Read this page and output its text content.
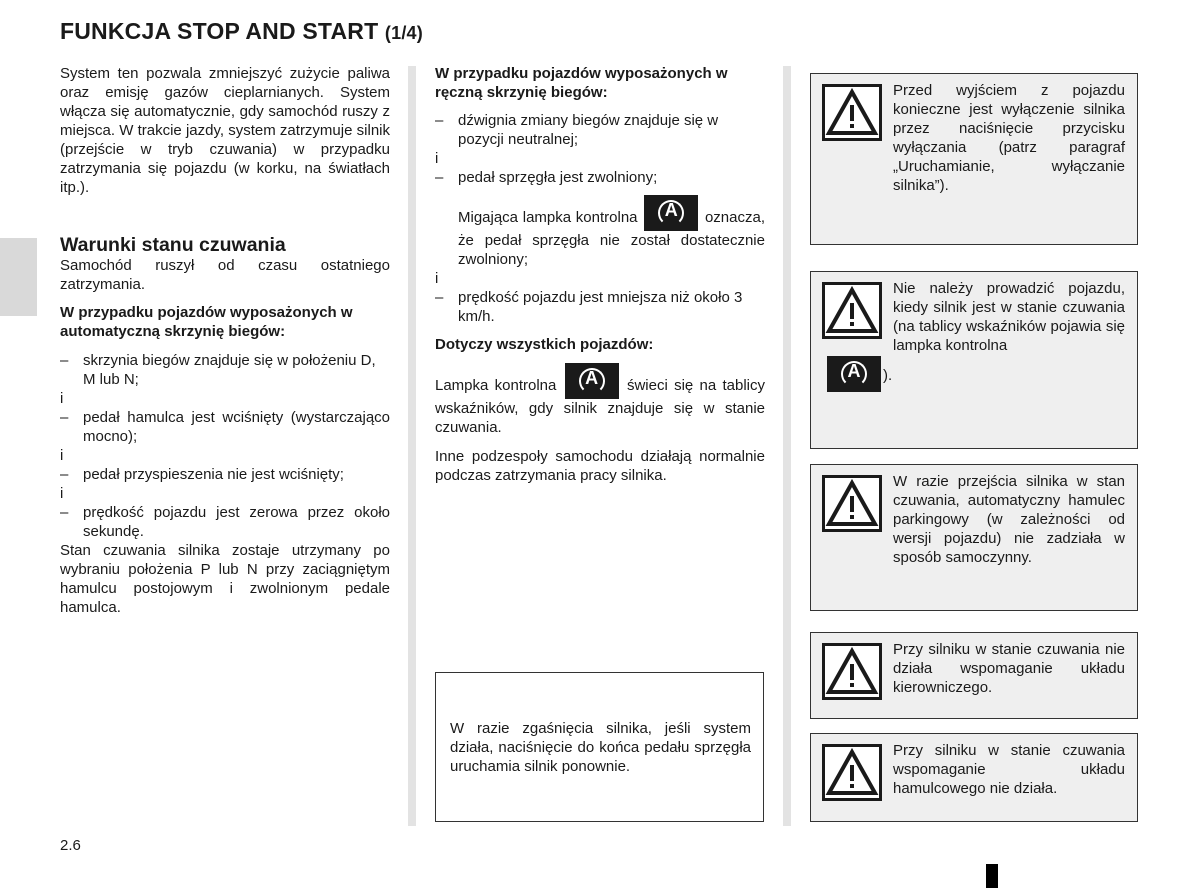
FUNKCJA STOP AND START (1/4)

System ten pozwala zmniejszyć zużycie paliwa oraz emisję gazów cieplarnianych. System włącza się automatycznie, gdy samochód ruszy z miejsca. W trakcie jazdy, system zatrzymuje silnik (przejście w tryb czuwania) w przypadku zatrzymania się pojazdu (w korku, na światłach itp.).

Warunki stanu czuwania

Samochód ruszył od czasu ostatniego zatrzymania.

W przypadku pojazdów wyposażonych w automatyczną skrzynię biegów:

– skrzynia biegów znajduje się w położeniu D, M lub N;

i

– pedał hamulca jest wciśnięty (wystarczająco mocno);

i

– pedał przyspieszenia nie jest wciśnięty;

i

– prędkość pojazdu jest zerowa przez około sekundę.

Stan czuwania silnika zostaje utrzymany po wybraniu położenia P lub N przy zaciągniętym hamulcu postojowym i zwolnionym pedale hamulca.

W przypadku pojazdów wyposażonych w ręczną skrzynię biegów:

– dźwignia zmiany biegów znajduje się w pozycji neutralnej;

i

– pedał sprzęgła jest zwolniony;
Migająca lampka kontrolna	A	oznacza, że pedał sprzęgła nie został dostatecznie zwolniony;

i

– prędkość pojazdu jest mniejsza niż około 3 km/h.

Dotyczy wszystkich pojazdów:

Lampka kontrolna	A	świeci się na tablicy wskaźników, gdy silnik znajduje się w stanie czuwania.

Inne podzespoły samochodu działają normalnie podczas zatrzymania pracy silnika.

W razie zgaśnięcia silnika, jeśli system działa, naciśnięcie do końca pedału sprzęgła uruchamia silnik ponownie.

Przed wyjściem z pojazdu konieczne jest wyłączenie silnika przez naciśnięcie przycisku wyłączania (patrz paragraf „Uruchamianie, wyłączanie silnika”).
Nie należy prowadzić pojazdu, kiedy silnik jest w stanie czuwania (na tablicy wskaźników pojawia się lampka kontrolna
A	).
W razie przejścia silnika w stan czuwania, automatyczny hamulec parkingowy (w zależności od wersji pojazdu) nie zadziała w sposób samoczynny.
Przy silniku w stanie czuwania nie działa wspomaganie układu kierowniczego.
Przy silniku w stanie czuwania wspomaganie układu hamulcowego nie działa.
2.6
